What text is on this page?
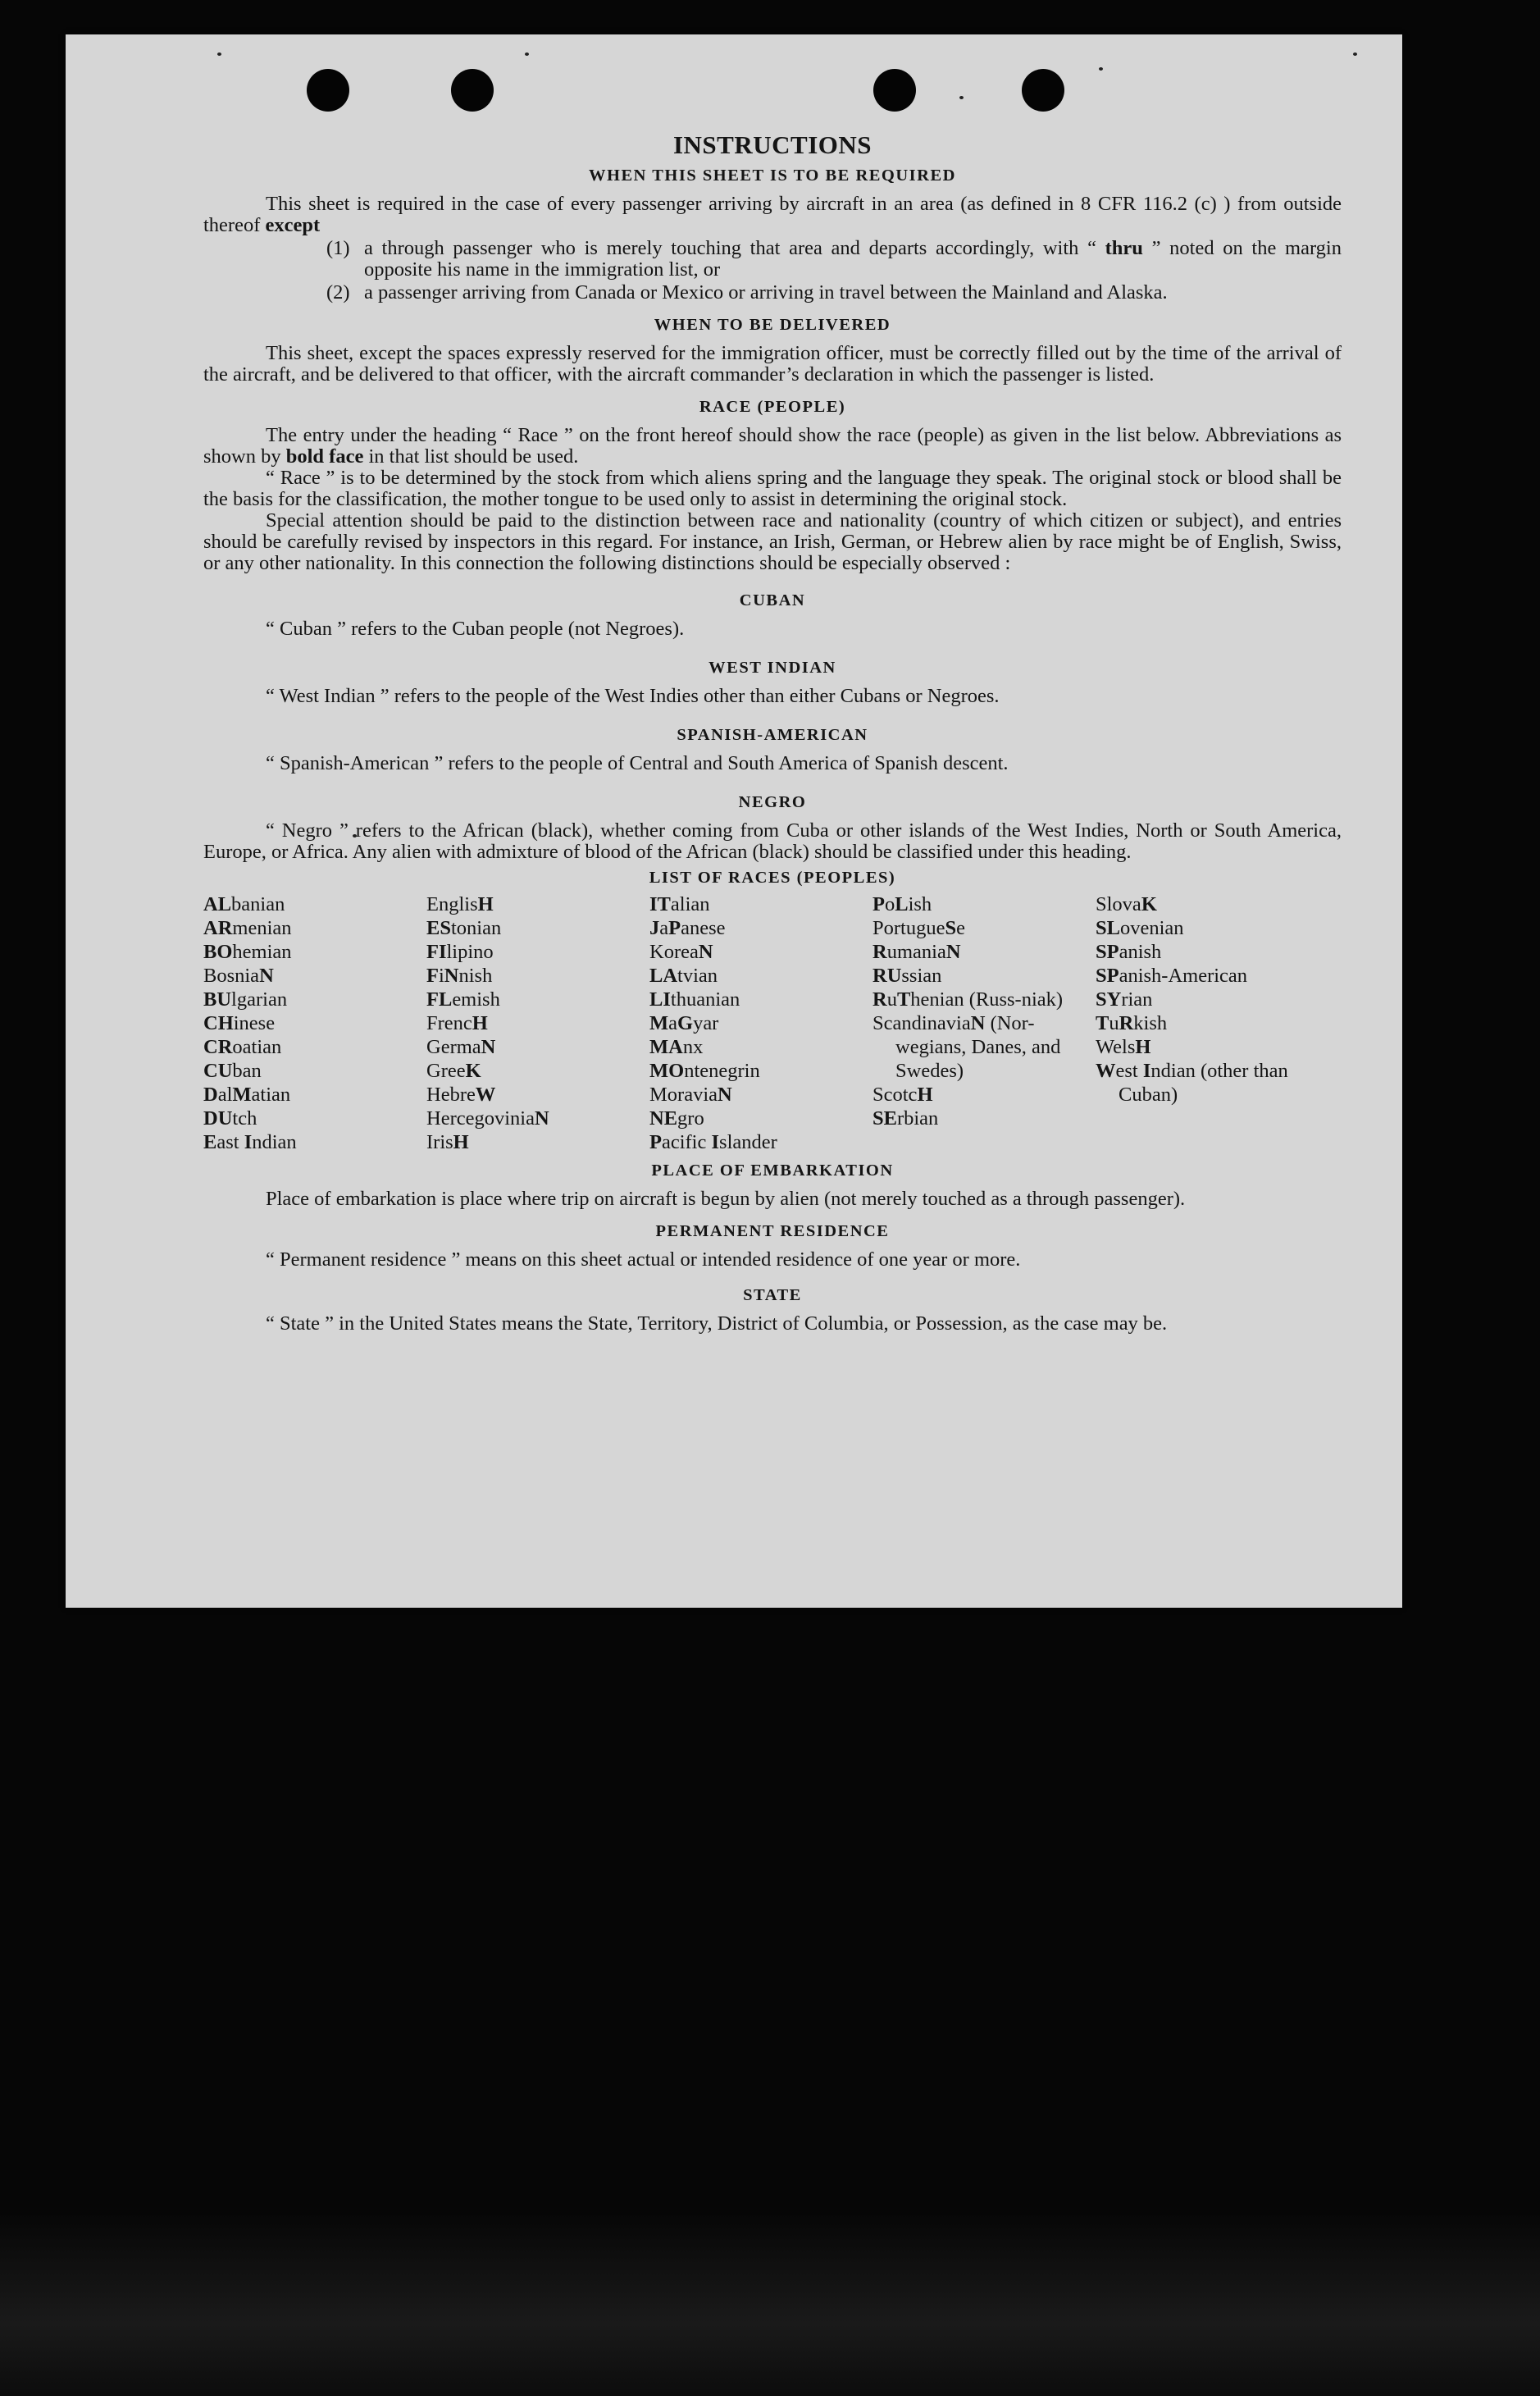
INSTRUCTIONS
WHEN THIS SHEET IS TO BE REQUIRED

This sheet is required in the case of every passenger arriving by aircraft in an area (as defined in 8 CFR 116.2 (c) ) from outside thereof except

(1) a through passenger who is merely touching that area and departs accordingly, with “ thru ” noted on the margin opposite his name in the immigration list, or
(2) a passenger arriving from Canada or Mexico or arriving in travel between the Mainland and Alaska.
WHEN TO BE DELIVERED

This sheet, except the spaces expressly reserved for the immigration officer, must be correctly filled out by the time of the arrival of the aircraft, and be delivered to that officer, with the aircraft commander’s declaration in which the passenger is listed.

RACE (PEOPLE)

The entry under the heading “ Race ” on the front hereof should show the race (people) as given in the list below. Abbreviations as shown by bold face in that list should be used.

“ Race ” is to be determined by the stock from which aliens spring and the language they speak. The original stock or blood shall be the basis for the classification, the mother tongue to be used only to assist in determining the original stock.

Special attention should be paid to the distinction between race and nationality (country of which citizen or subject), and entries should be carefully revised by inspectors in this regard. For instance, an Irish, German, or Hebrew alien by race might be of English, Swiss, or any other nationality. In this connection the following distinctions should be especially observed :

CUBAN

“ Cuban ” refers to the Cuban people (not Negroes).

WEST INDIAN

“ West Indian ” refers to the people of the West Indies other than either Cubans or Negroes.

SPANISH-AMERICAN

“ Spanish-American ” refers to the people of Central and South America of Spanish descent.

NEGRO

“ Negro ” refers to the African (black), whether coming from Cuba or other islands of the West Indies, North or South America, Europe, or Africa. Any alien with admixture of blood of the African (black) should be classified under this heading.

LIST OF RACES (PEOPLES)
ALbanian
ARmenian
BOhemian
BosniaN
BUlgarian
CHinese
CRoatian
CUban
DalMatian
DUtch
East Indian
EnglisH
EStonian
FIlipino
FiNnish
FLemish
FrencH
GermaN
GreeK
HebreW
HercegoviniaN
IrisH
ITalian
JaPanese
KoreaN
LAtvian
LIthuanian
MaGyar
MAnx
MOntenegrin
MoraviaN
NEgro
Pacific Islander
PoLish
PortugueSe
RumaniaN
RUssian
RuThenian (Russ-niak)
ScandinaviaN (Nor-wegians, Danes, and Swedes)
ScotcH
SErbian
SlovaK
SLovenian
SPanish
SPanish-American
SYrian
TuRkish
WelsH
West Indian (other than Cuban)
PLACE OF EMBARKATION

Place of embarkation is place where trip on aircraft is begun by alien (not merely touched as a through passenger).

PERMANENT RESIDENCE

“ Permanent residence ” means on this sheet actual or intended residence of one year or more.

STATE

“ State ” in the United States means the State, Territory, District of Columbia, or Possession, as the case may be.
